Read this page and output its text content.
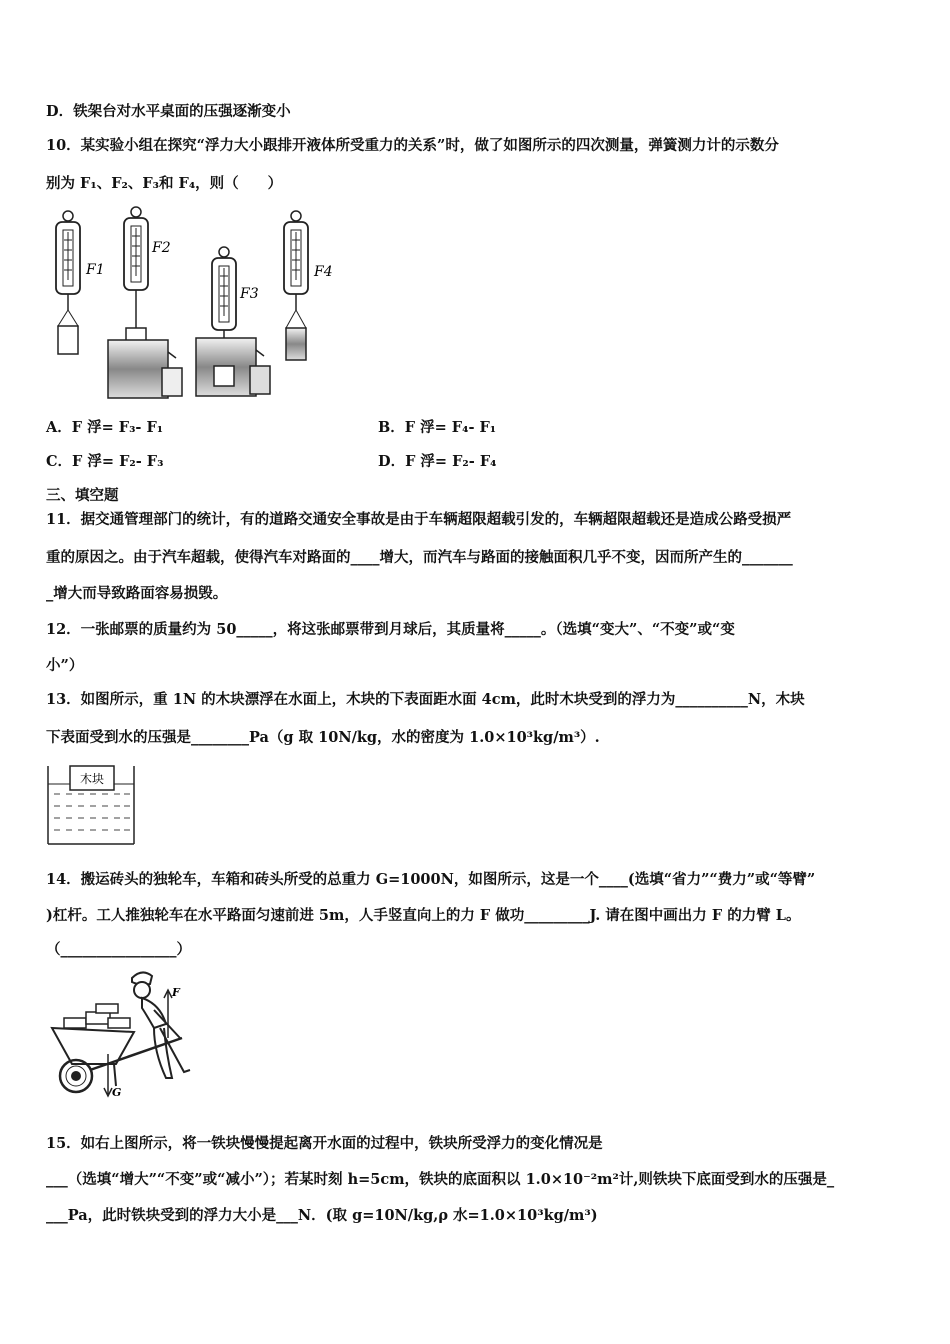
D．铁架台对水平桌面的压强逐渐变小
10．某实验小组在探究“浮力大小跟排开液体所受重力的关系”时，做了如图所示的四次测量，弹簧测力计的示数分
别为 F₁、F₂、F₃和 F₄，则（　　）
F1
F2
F3
F4
A．F 浮= F₃- F₁	B．F 浮= F₄- F₁
C．F 浮= F₂- F₃	D．F 浮= F₂- F₄
三、填空题
11．据交通管理部门的统计，有的道路交通安全事故是由于车辆超限超载引发的，车辆超限超载还是造成公路受损严
重的原因之。由于汽车超载，使得汽车对路面的____增大，而汽车与路面的接触面积几乎不变，因而所产生的_______
_增大而导致路面容易损毁。
12．一张邮票的质量约为 50_____，将这张邮票带到月球后，其质量将_____。（选填“变大”、“不变”或“变
小”）
13．如图所示，重 1N 的木块漂浮在水面上，木块的下表面距水面 4cm，此时木块受到的浮力为__________N，木块
下表面受到水的压强是________Pa（g 取 10N/kg，水的密度为 1.0×10³kg/m³）.
木块
14．搬运砖头的独轮车，车箱和砖头所受的总重力 G=1000N，如图所示，这是一个____(选填“省力”“费力”或“等臂”
)杠杆。工人推独轮车在水平路面匀速前进 5m，人手竖直向上的力 F 做功_________J. 请在图中画出力 F 的力臂 L。
（________________）
G
F
15．如右上图所示，将一铁块慢慢提起离开水面的过程中，铁块所受浮力的变化情况是
___（选填“增大”“不变”或“减小”）；若某时刻 h=5cm，铁块的底面积以 1.0×10⁻²m²计,则铁块下底面受到水的压强是_
___Pa，此时铁块受到的浮力大小是___N．(取 g=10N/kg,ρ 水=1.0×10³kg/m³)
